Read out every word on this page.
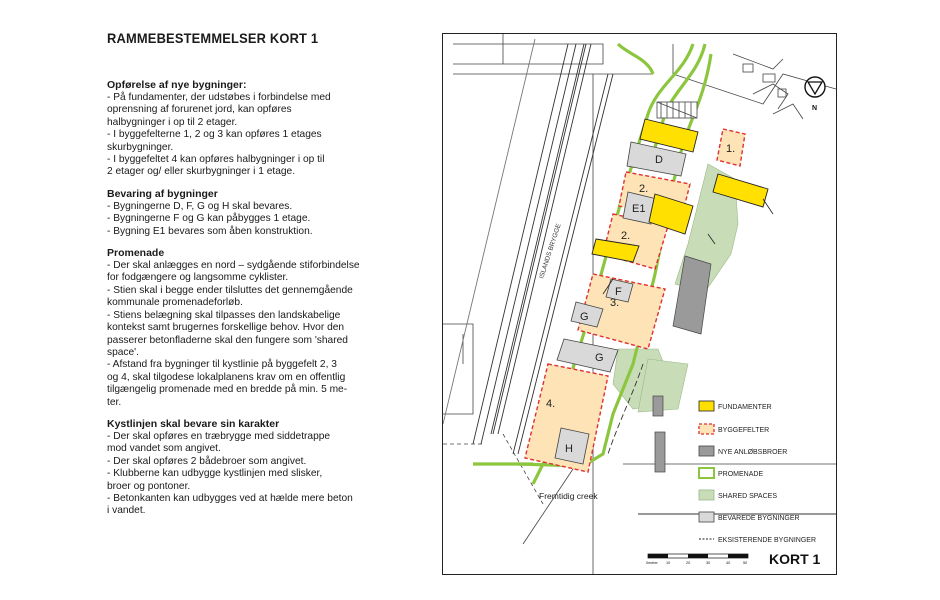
RAMMEBESTEMMELSER KORT 1

Opførelse af nye bygninger:

- På fundamenter, der udstøbes i forbindelse med

oprensning af forurenet jord, kan opføres

halbygninger i op til 2 etager.

- I byggefelterne 1, 2 og 3 kan opføres 1 etages

skurbygninger.

- I byggefeltet 4 kan opføres halbygninger i op til

2 etager og/ eller skurbygninger i 1 etage.

Bevaring af bygninger

- Bygningerne D, F, G og H skal bevares.

- Bygningerne F og G kan påbygges 1 etage.

- Bygning E1 bevares som åben konstruktion.

Promenade

- Der skal anlægges en nord – sydgående stiforbindelse

for fodgængere og langsomme cyklister.

- Stien skal i begge ender tilsluttes det gennemgående

kommunale promenadeforløb.

- Stiens belægning skal tilpasses den landskabelige

kontekst samt brugernes forskellige behov. Hvor den

passerer betonfladerne skal den fungere som 'shared

space'.

- Afstand fra bygninger til kystlinie på byggefelt 2, 3

og 4, skal tilgodese lokalplanens krav om en offentlig

tilgængelig promenade med en bredde på min. 5 me-

ter.

Kystlinjen skal bevare sin karakter

- Der skal opføres en træbrygge med siddetrappe

mod vandet som angivet.

- Der skal opføres 2 bådebroer som angivet.

- Klubberne kan udbygge kystlinjen med slisker,

broer og pontoner.

- Betonkanten kan udbygges ved at hælde mere beton

i vandet.

D
E1
F
G
G
H
1.
2.
2.
3.
4.
ISLANDS BRYGGE
Fremtidig creek
N
FUNDAMENTER
BYGGEFELTER
NYE ANLØBSBROER
PROMENADE
SHARED SPACES
BEVAREDE BYGNINGER
EKSISTERENDE BYGNINGER
0meter 10	20	30	40	50 KORT 1
